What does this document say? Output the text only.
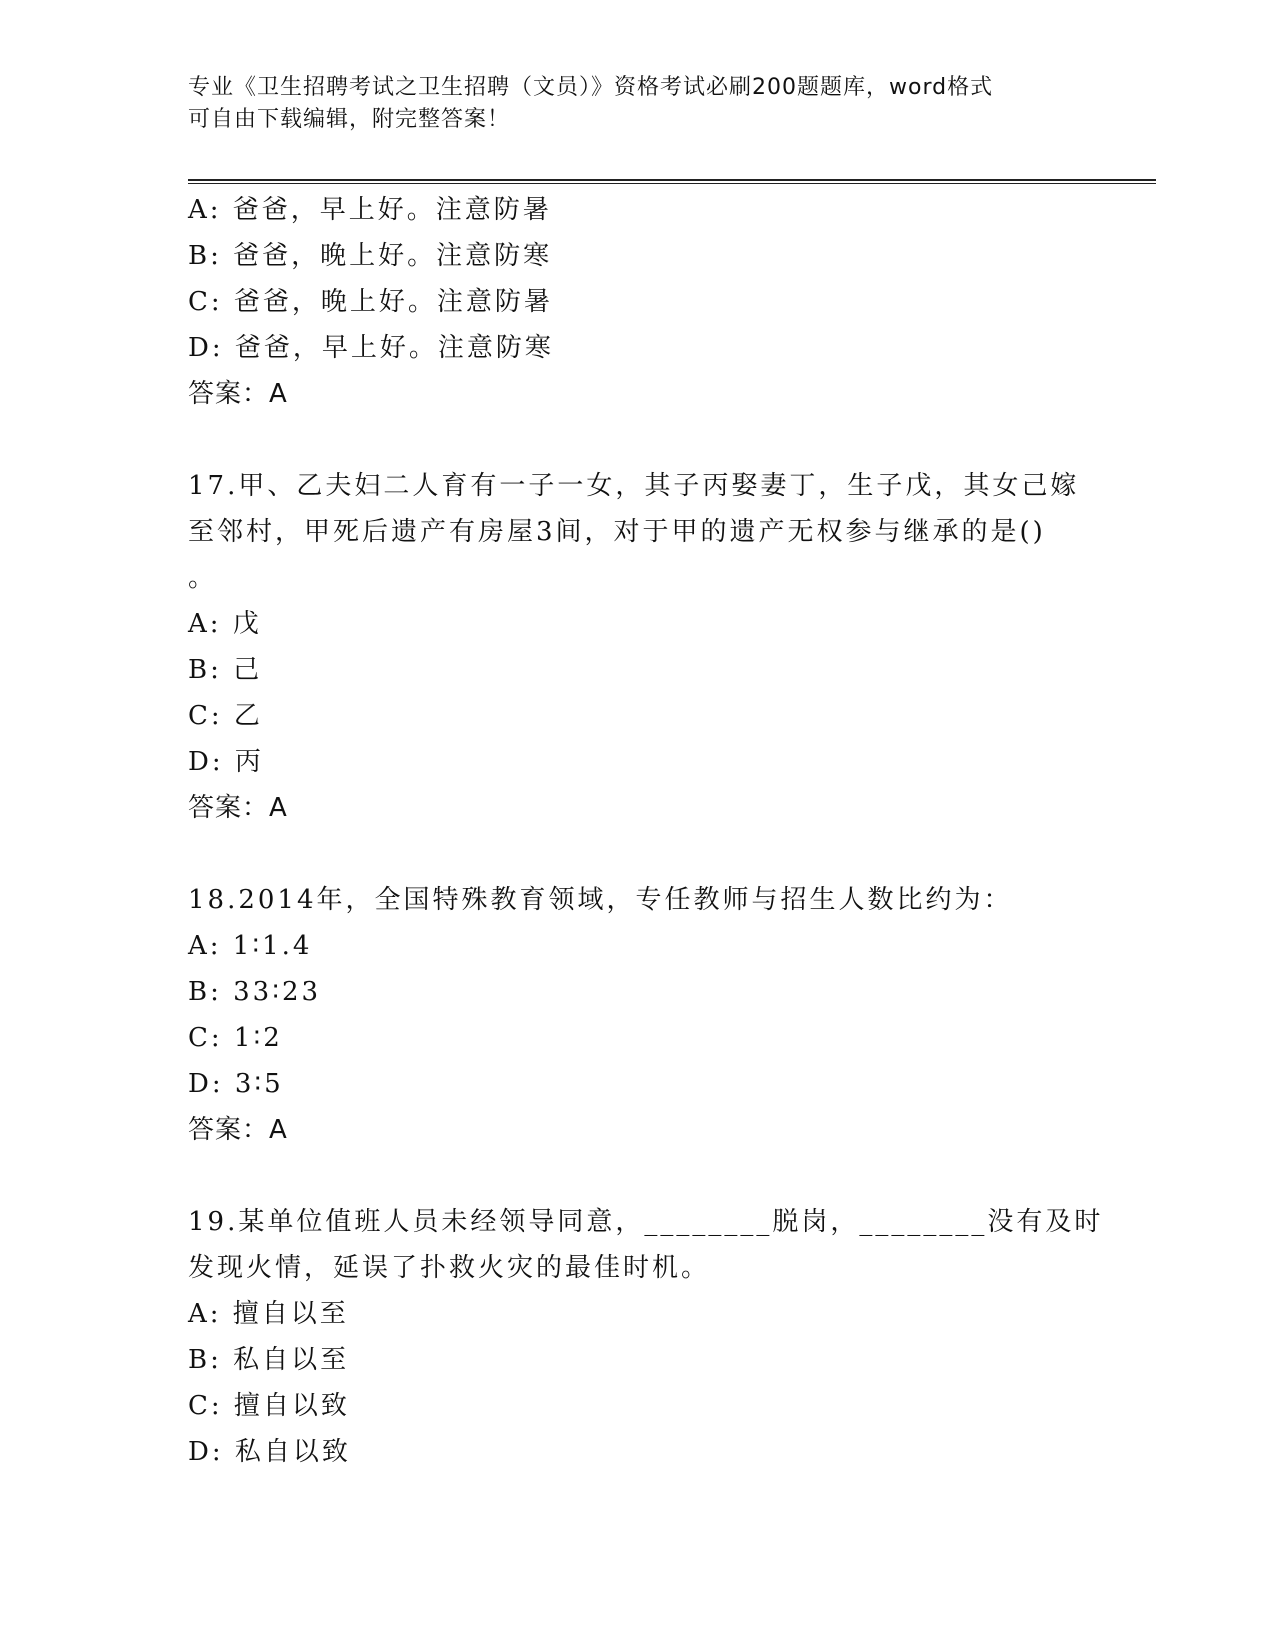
专业《卫生招聘考试之卫生招聘（文员）》资格考试必刷200题题库，word格式
可自由下载编辑，附完整答案！
A: 爸爸，早上好。注意防暑
B: 爸爸，晚上好。注意防寒
C: 爸爸，晚上好。注意防暑
D: 爸爸，早上好。注意防寒
答案：A
17.甲、乙夫妇二人育有一子一女，其子丙娶妻丁，生子戊，其女己嫁
至邻村，甲死后遗产有房屋3间，对于甲的遗产无权参与继承的是()
。
A: 戊
B: 己
C: 乙
D: 丙
答案：A
18.2014年，全国特殊教育领域，专任教师与招生人数比约为：
A: 1∶1.4
B: 33∶23
C: 1∶2
D: 3∶5
答案：A
19.某单位值班人员未经领导同意，________脱岗，________没有及时
发现火情，延误了扑救火灾的最佳时机。
A: 擅自以至
B: 私自以至
C: 擅自以致
D: 私自以致
